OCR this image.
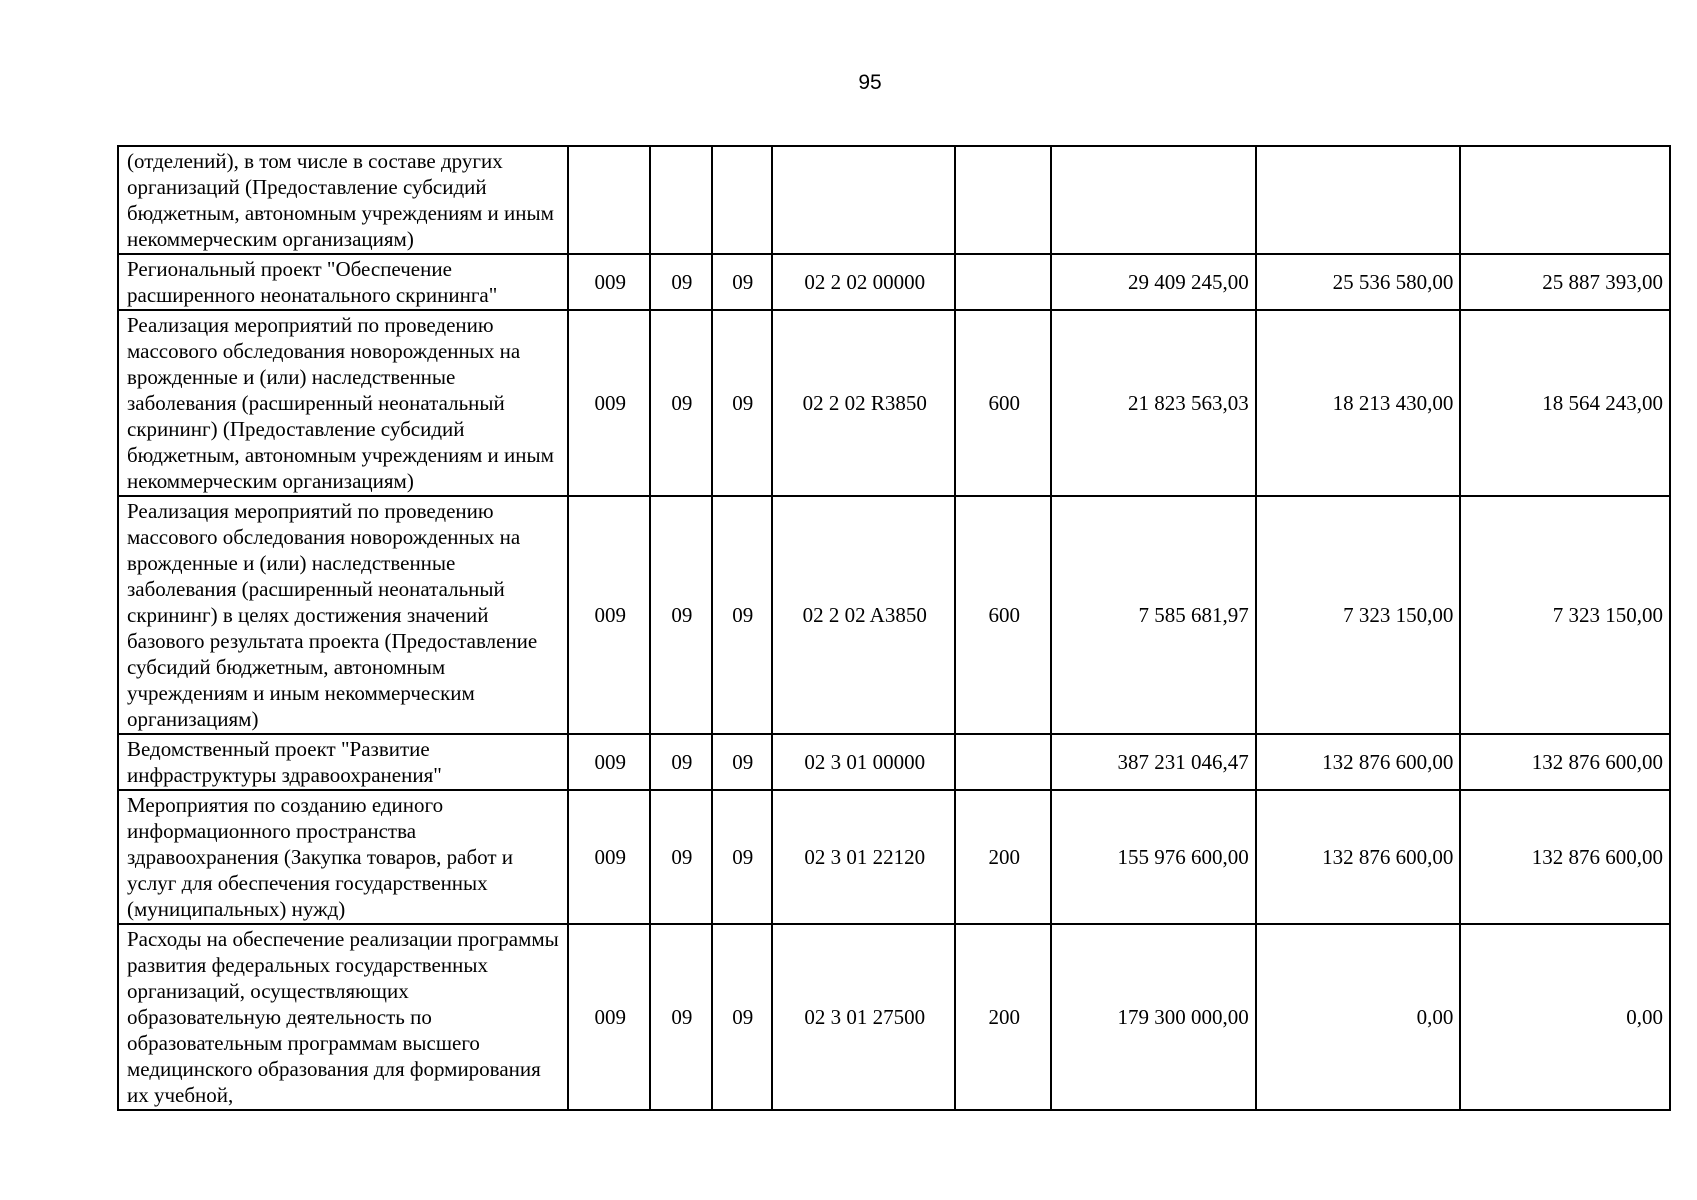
95
(отделений), в том числе в составе других организаций (Предоставление субсидий бюджетным, автономным учреждениям и иным некоммерческим организациям)								
Региональный проект "Обеспечение расширенного неонатального скрининга"	009	09	09	02 2 02 00000		29 409 245,00	25 536 580,00	25 887 393,00
Реализация мероприятий по проведению массового обследования новорожденных на врожденные и (или) наследственные заболевания (расширенный неонатальный скрининг) (Предоставление субсидий бюджетным, автономным учреждениям и иным некоммерческим организациям)	009	09	09	02 2 02 R3850	600	21 823 563,03	18 213 430,00	18 564 243,00
Реализация мероприятий по проведению массового обследования новорожденных на врожденные и (или) наследственные заболевания (расширенный неонатальный скрининг) в целях достижения значений базового результата проекта (Предоставление субсидий бюджетным, автономным учреждениям и иным некоммерческим организациям)	009	09	09	02 2 02 A3850	600	7 585 681,97	7 323 150,00	7 323 150,00
Ведомственный проект "Развитие инфраструктуры здравоохранения"	009	09	09	02 3 01 00000		387 231 046,47	132 876 600,00	132 876 600,00
Мероприятия по созданию единого информационного пространства здравоохранения (Закупка товаров, работ и услуг для обеспечения государственных (муниципальных) нужд)	009	09	09	02 3 01 22120	200	155 976 600,00	132 876 600,00	132 876 600,00
Расходы на обеспечение реализации программы развития федеральных государственных организаций, осуществляющих образовательную деятельность по образовательным программам высшего медицинского образования для формирования их учебной,	009	09	09	02 3 01 27500	200	179 300 000,00	0,00	0,00
